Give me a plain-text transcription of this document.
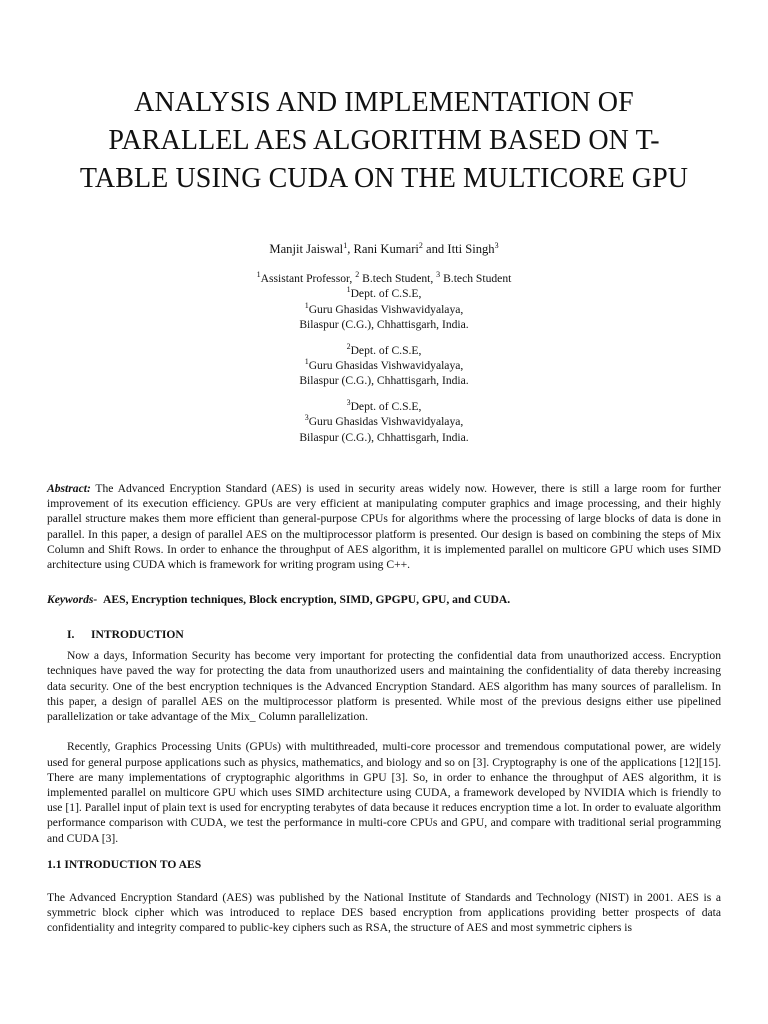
ANALYSIS AND IMPLEMENTATION OF
PARALLEL AES ALGORITHM BASED ON T-
TABLE USING CUDA ON THE MULTICORE GPU
Manjit Jaiswal$^1$, Rani Kumari$^2$ and Itti Singh$^3$
$^1$Assistant Professor, $^2$ B.tech Student, $^3$ B.tech Student
$^1$Dept. of C.S.E,
$^1$Guru Ghasidas Vishwavidyalaya,
Bilaspur (C.G.), Chhattisgarh, India.
$^2$Dept. of C.S.E,
$^1$Guru Ghasidas Vishwavidyalaya,
Bilaspur (C.G.), Chhattisgarh, India.
$^3$Dept. of C.S.E,
$^3$Guru Ghasidas Vishwavidyalaya,
Bilaspur (C.G.), Chhattisgarh, India.

Abstract: The Advanced Encryption Standard (AES) is used in security areas widely now. However, there is still a large room for further improvement of its execution efficiency. GPUs are very efficient at manipulating computer graphics and image processing, and their highly parallel structure makes them more efficient than general-purpose CPUs for algorithms where the processing of large blocks of data is done in parallel. In this paper, a design of parallel AES on the multiprocessor platform is presented. Our design is based on combining the steps of Mix Column and Shift Rows. In order to enhance the throughput of AES algorithm, it is implemented parallel on multicore GPU which uses SIMD architecture using CUDA which is framework for writing program using C++.

Keywords- AES, Encryption techniques, Block encryption, SIMD, GPGPU, GPU, and CUDA.
I. INTRODUCTION

Now a days, Information Security has become very important for protecting the confidential data from unauthorized access. Encryption techniques have paved the way for protecting the data from unauthorized users and maintaining the confidentiality of data thereby increasing data security. One of the best encryption techniques is the Advanced Encryption Standard. AES algorithm has many sources of parallelism. In this paper, a design of parallel AES on the multiprocessor platform is presented. While most of the previous designs either use pipelined parallelization or take advantage of the Mix_ Column parallelization.

Recently, Graphics Processing Units (GPUs) with multithreaded, multi-core processor and tremendous computational power, are widely used for general purpose applications such as physics, mathematics, and biology and so on [3]. Cryptography is one of the applications [12][15]. There are many implementations of cryptographic algorithms in GPU [3]. So, in order to enhance the throughput of AES algorithm, it is implemented parallel on multicore GPU which uses SIMD architecture using CUDA, a framework developed by NVIDIA which is friendly to use [1]. Parallel input of plain text is used for encrypting terabytes of data because it reduces encryption time a lot. In order to evaluate algorithm performance comparison with CUDA, we test the performance in multi-core CPUs and GPU, and compare with traditional serial programming and CUDA [3].

1.1 INTRODUCTION TO AES

The Advanced Encryption Standard (AES) was published by the National Institute of Standards and Technology (NIST) in 2001. AES is a symmetric block cipher which was introduced to replace DES based encryption from applications providing better prospects of data confidentiality and integrity compared to public-key ciphers such as RSA, the structure of AES and most symmetric ciphers is
